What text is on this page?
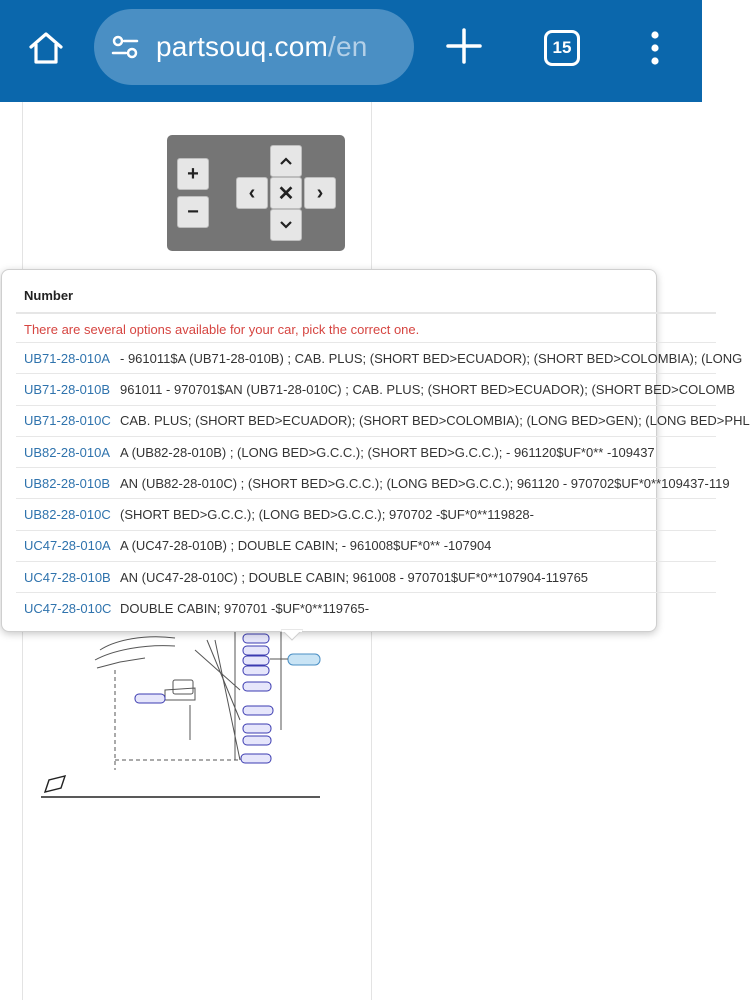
partsouq.com/en	15
+
−
‹	✕	›
Number
There are several options available for your car, pick the correct one.
UB71-28-010A - 961011$A (UB71-28-010B) ; CAB. PLUS; (SHORT BED>ECUADOR); (SHORT BED>COLOMBIA); (LONG
UB71-28-010B 961011 - 970701$AN (UB71-28-010C) ; CAB. PLUS; (SHORT BED>ECUADOR); (SHORT BED>COLOMB
UB71-28-010C CAB. PLUS; (SHORT BED>ECUADOR); (SHORT BED>COLOMBIA); (LONG BED>GEN); (LONG BED>PHL
UB82-28-010A A (UB82-28-010B) ; (LONG BED>G.C.C.); (SHORT BED>G.C.C.); - 961120$UF*0** -109437
UB82-28-010B AN (UB82-28-010C) ; (SHORT BED>G.C.C.); (LONG BED>G.C.C.); 961120 - 970702$UF*0**109437-119
UB82-28-010C (SHORT BED>G.C.C.); (LONG BED>G.C.C.); 970702 -$UF*0**119828-
UC47-28-010A A (UC47-28-010B) ; DOUBLE CABIN; - 961008$UF*0** -107904
UC47-28-010B AN (UC47-28-010C) ; DOUBLE CABIN; 961008 - 970701$UF*0**107904-119765
UC47-28-010C DOUBLE CABIN; 970701 -$UF*0**119765-
